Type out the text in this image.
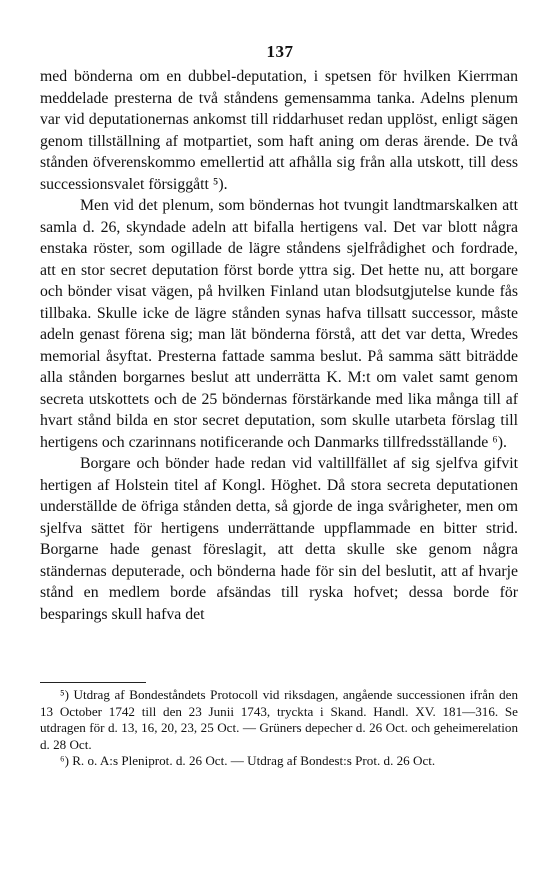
137

med bönderna om en dubbel-deputation, i spetsen för hvilken Kierrman meddelade presterna de två ståndens gemensamma tanka. Adelns plenum var vid deputationernas ankomst till riddarhuset redan upplöst, enligt sägen genom tillställning af motpartiet, som haft aning om deras ärende. De två stånden öfverenskommo emellertid att afhålla sig från alla utskott, till dess successionsvalet försiggått ⁵).

Men vid det plenum, som böndernas hot tvungit landtmarskalken att samla d. 26, skyndade adeln att bifalla hertigens val. Det var blott några enstaka röster, som ogillade de lägre ståndens sjelfrådighet och fordrade, att en stor secret deputation först borde yttra sig. Det hette nu, att borgare och bönder visat vägen, på hvilken Finland utan blodsutgjutelse kunde fås tillbaka. Skulle icke de lägre stånden synas hafva tillsatt successor, måste adeln genast förena sig; man lät bönderna förstå, att det var detta, Wredes memorial åsyftat. Presterna fattade samma beslut. På samma sätt biträdde alla stånden borgarnes beslut att underrätta K. M:t om valet samt genom secreta utskottets och de 25 böndernas förstärkande med lika många till af hvart stånd bilda en stor secret deputation, som skulle utarbeta förslag till hertigens och czarinnans notificerande och Danmarks tillfredsställande ⁶).

Borgare och bönder hade redan vid valtillfället af sig sjelfva gifvit hertigen af Holstein titel af Kongl. Höghet. Då stora secreta deputationen underställde de öfriga stånden detta, så gjorde de inga svårigheter, men om sjelfva sättet för hertigens underrättande uppflammade en bitter strid. Borgarne hade genast föreslagit, att detta skulle ske genom några ständernas deputerade, och bönderna hade för sin del beslutit, att af hvarje stånd en medlem borde afsändas till ryska hofvet; dessa borde för besparings skull hafva det

⁵) Utdrag af Bondeståndets Protocoll vid riksdagen, angående successionen ifrån den 13 October 1742 till den 23 Junii 1743, tryckta i Skand. Handl. XV. 181—316. Se utdragen för d. 13, 16, 20, 23, 25 Oct. — Grüners depecher d. 26 Oct. och geheimerelation d. 28 Oct.

⁶) R. o. A:s Pleniprot. d. 26 Oct. — Utdrag af Bondest:s Prot. d. 26 Oct.
